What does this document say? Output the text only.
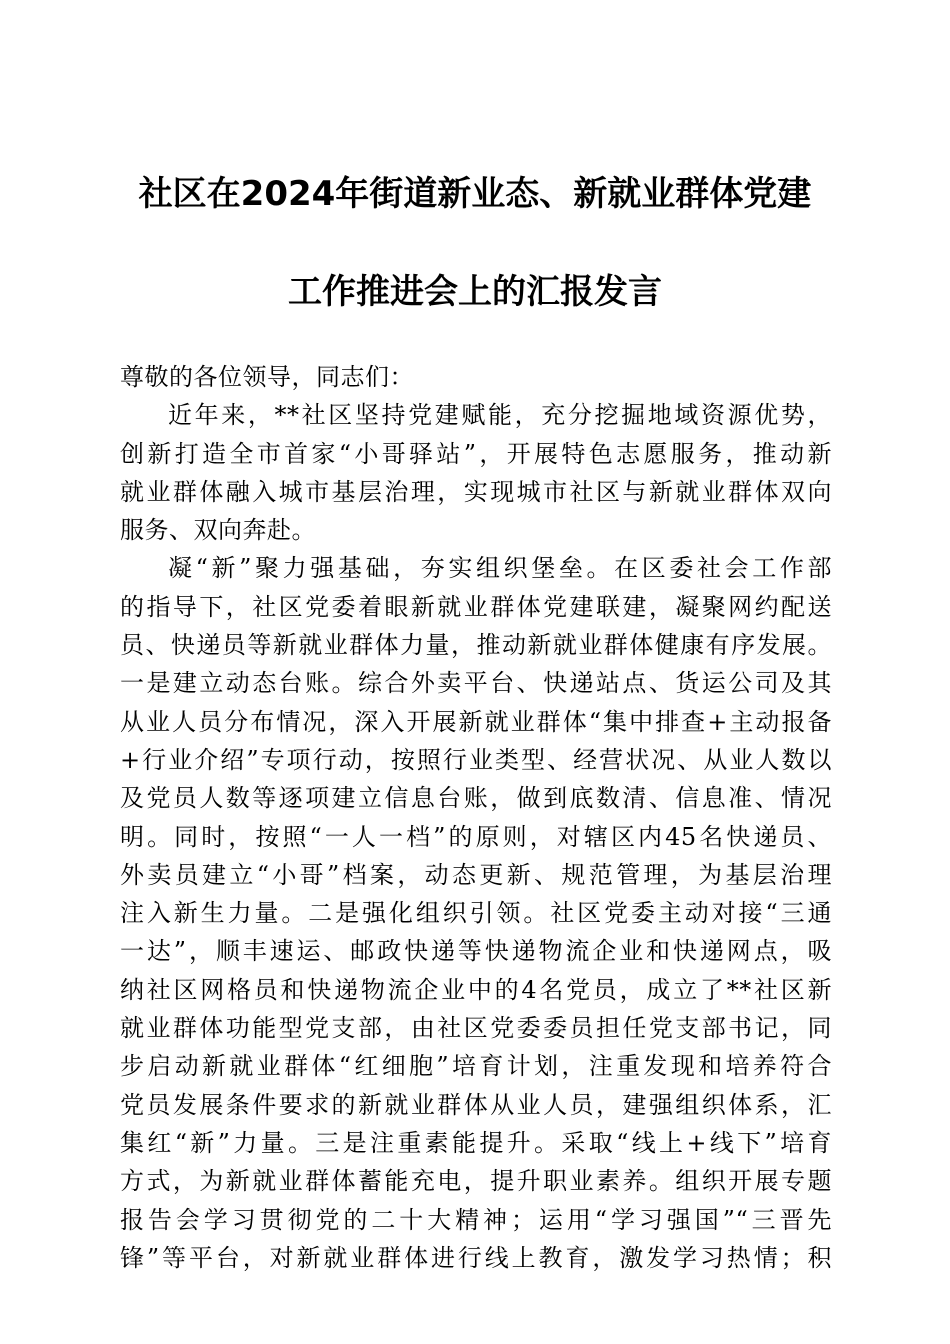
社区在2024年街道新业态、新就业群体党建
工作推进会上的汇报发言
尊敬的各位领导，同志们：
近年来，**社区坚持党建赋能，充分挖掘地域资源优势，
创新打造全市首家“小哥驿站”，开展特色志愿服务，推动新
就业群体融入城市基层治理，实现城市社区与新就业群体双向
服务、双向奔赴。
凝“新”聚力强基础，夯实组织堡垒。在区委社会工作部
的指导下，社区党委着眼新就业群体党建联建，凝聚网约配送
员、快递员等新就业群体力量，推动新就业群体健康有序发展。
一是建立动态台账。综合外卖平台、快递站点、货运公司及其
从业人员分布情况，深入开展新就业群体“集中排查+主动报备
+行业介绍”专项行动，按照行业类型、经营状况、从业人数以
及党员人数等逐项建立信息台账，做到底数清、信息准、情况
明。同时，按照“一人一档”的原则，对辖区内45名快递员、
外卖员建立“小哥”档案，动态更新、规范管理，为基层治理
注入新生力量。二是强化组织引领。社区党委主动对接“三通
一达”，顺丰速运、邮政快递等快递物流企业和快递网点，吸
纳社区网格员和快递物流企业中的4名党员，成立了**社区新
就业群体功能型党支部，由社区党委委员担任党支部书记，同
步启动新就业群体“红细胞”培育计划，注重发现和培养符合
党员发展条件要求的新就业群体从业人员，建强组织体系，汇
集红“新”力量。三是注重素能提升。采取“线上+线下”培育
方式，为新就业群体蓄能充电，提升职业素养。组织开展专题
报告会学习贯彻党的二十大精神；运用“学习强国”“三晋先
锋”等平台，对新就业群体进行线上教育，激发学习热情；积
